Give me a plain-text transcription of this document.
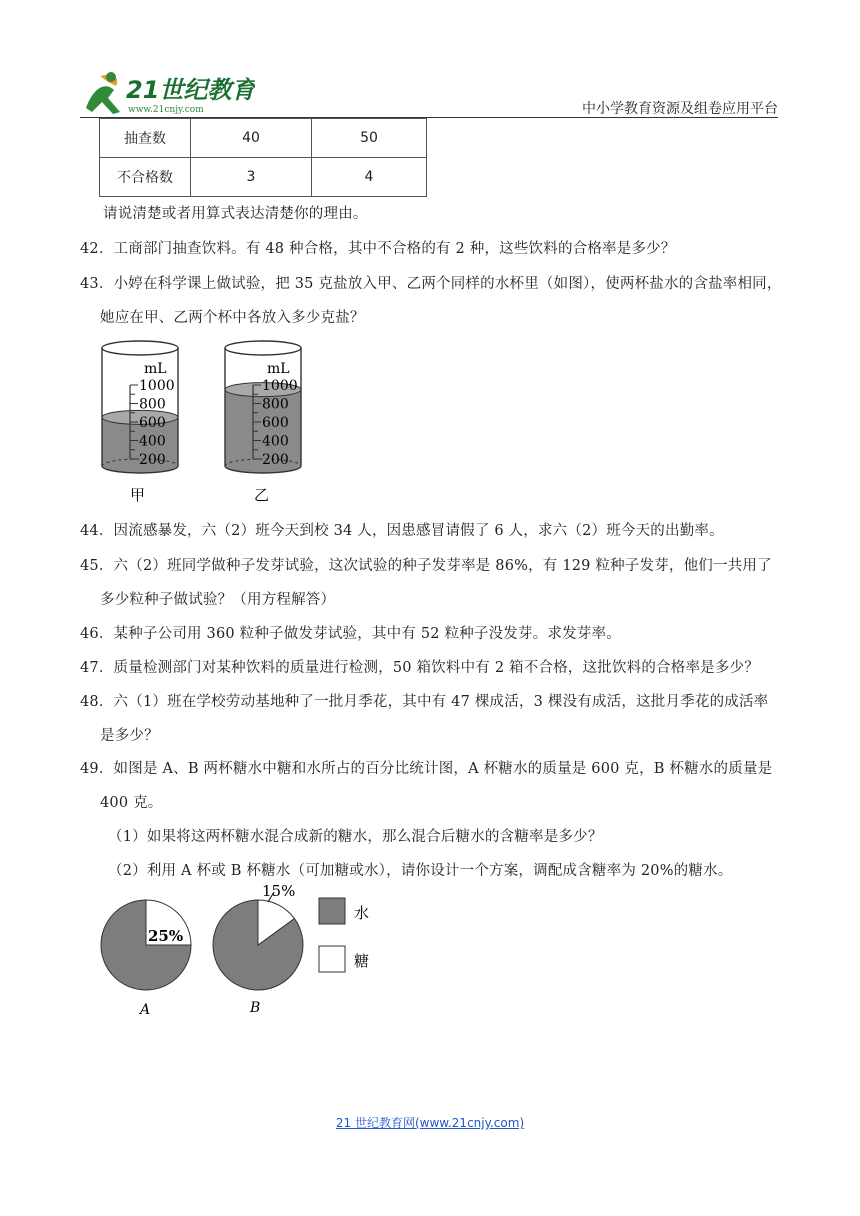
21世纪教育
www.21cnjy.com	中小学教育资源及组卷应用平台
抽查数	40	50
不合格数	3	4
请说清楚或者用算式表达清楚你的理由。
42．工商部门抽查饮料。有 48 种合格，其中不合格的有 2 种，这些饮料的合格率是多少？
43．小婷在科学课上做试验，把 35 克盐放入甲、乙两个同样的水杯里（如图），使两杯盐水的含盐率相同，
她应在甲、乙两个杯中各放入多少克盐？
mL
1000
800
600
400
200
mL
1000
800
600
400
200
甲	乙
44．因流感暴发，六（2）班今天到校 34 人，因患感冒请假了 6 人，求六（2）班今天的出勤率。
45．六（2）班同学做种子发芽试验，这次试验的种子发芽率是 86%，有 129 粒种子发芽，他们一共用了
多少粒种子做试验？（用方程解答）
46．某种子公司用 360 粒种子做发芽试验，其中有 52 粒种子没发芽。求发芽率。
47．质量检测部门对某种饮料的质量进行检测，50 箱饮料中有 2 箱不合格，这批饮料的合格率是多少？
48．六（1）班在学校劳动基地种了一批月季花，其中有 47 棵成活，3 棵没有成活，这批月季花的成活率
是多少？
49．如图是 A、B 两杯糖水中糖和水所占的百分比统计图，A 杯糖水的质量是 600 克，B 杯糖水的质量是
400 克。
（1）如果将这两杯糖水混合成新的糖水，那么混合后糖水的含糖率是多少？
（2）利用 A 杯或 B 杯糖水（可加糖或水），请你设计一个方案，调配成含糖率为 20%的糖水。
25%
A
15%
B
水
糖
21 世纪教育网(www.21cnjy.com)
